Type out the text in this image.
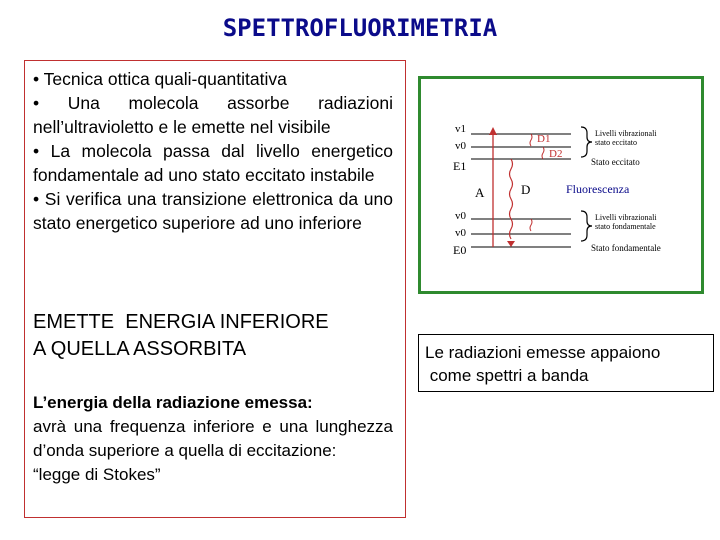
SPETTROFLUORIMETRIA

• Tecnica ottica quali-quantitativa

• Una molecola assorbe radiazioni nell’ultravioletto e le emette nel visibile

• La molecola passa dal livello energetico fondamentale ad uno stato eccitato instabile

• Si verifica una transizione elettronica da uno stato energetico superiore ad uno inferiore

EMETTE  ENERGIA INFERIORE
A QUELLA ASSORBITA
L’energia della radiazione emessa:
avrà una frequenza inferiore e una lunghezza d’onda superiore a quella di eccitazione:
“legge di Stokes”
v1
v0
E1
v0
v0
E0
A	D
D1
D2
Livelli vibrazionali
stato eccitato
Stato eccitato
Fluorescenza
Livelli vibrazionali
stato fondamentale
Stato fondamentale
Le radiazioni emesse appaiono
come spettri a banda
